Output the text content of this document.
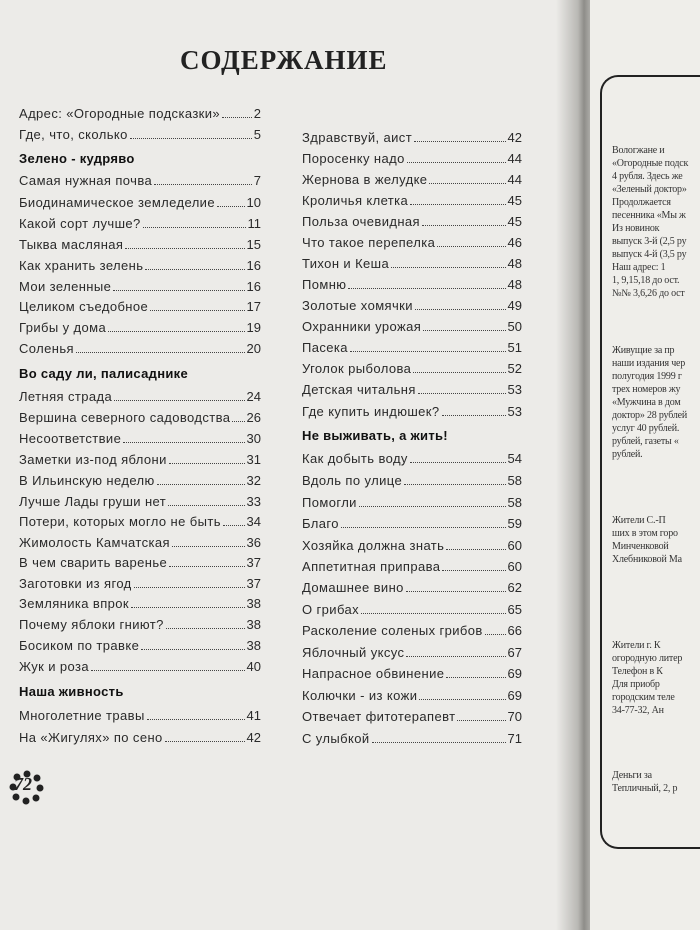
СОДЕРЖАНИЕ
Адрес: «Огородные подсказки»	2
Где, что, сколько	5
Зелено - кудряво
Самая нужная почва	7
Биодинамическое земледелие 10
Какой сорт лучше?	11
Тыква масляная	15
Как хранить зелень	16
Мои зеленные	16
Целиком съедобное	17
Грибы у дома	19
Соленья	20
Во саду ли, палисаднике
Летняя страда	24
Вершина северного садоводства 26
Несоответствие	30
Заметки из-под яблони	31
В Ильинскую неделю	32
Лучше Лады груши нет	33
Потери, которых могло не быть 34
Жимолость Камчатская	36
В чем сварить варенье	37
Заготовки из ягод	37
Земляника впрок	38
Почему яблоки гниют?	38
Босиком по травке	38
Жук и роза	40
Наша живность
Многолетние травы	41
На «Жигулях» по сено	42
Здравствуй, аист	42
Поросенку надо	44
Жернова в желудке	44
Кроличья клетка	45
Польза очевидная	45
Что такое перепелка	46
Тихон и Кеша	48
Помню	48
Золотые хомячки	49
Охранники урожая	50
Пасека	51
Уголок рыболова	52
Детская читальня	53
Где купить индюшек?	53
Не выживать, а жить!
Как добыть воду	54
Вдоль по улице	58
Помогли	58
Благо	59
Хозяйка должна знать	60
Аппетитная приправа	60
Домашнее вино	62
О грибах	65
Расколение соленых грибов 66
Яблочный уксус	67
Напрасное обвинение	69
Колючки - из кожи	69
Отвечает фитотерапевт	70
С улыбкой	71
72
Вологжане и
«Огородные подск
4 рубля. Здесь же
«Зеленый доктор»
Продолжается
песенника «Мы ж
Из новинок
выпуск 3-й (2,5 ру
выпуск 4-й (3,5 ру
Наш адрес: 1
1, 9,15,18 до ост.
№№ 3,6,26 до ост
Живущие за пр
наши издания чер
полугодия 1999 г
трех номеров жу
«Мужчина в дом
доктор» 28 рублей
услуг 40 рублей.
рублей, газеты «
рублей.
Жители С.-П
ших в этом горо
Минченковой
Хлебниковой Ма
Жители г. К
огородную литер
Телефон в К
Для приобр
городским теле
34-77-32, Ан
Деньги за
Тепличный, 2, р
